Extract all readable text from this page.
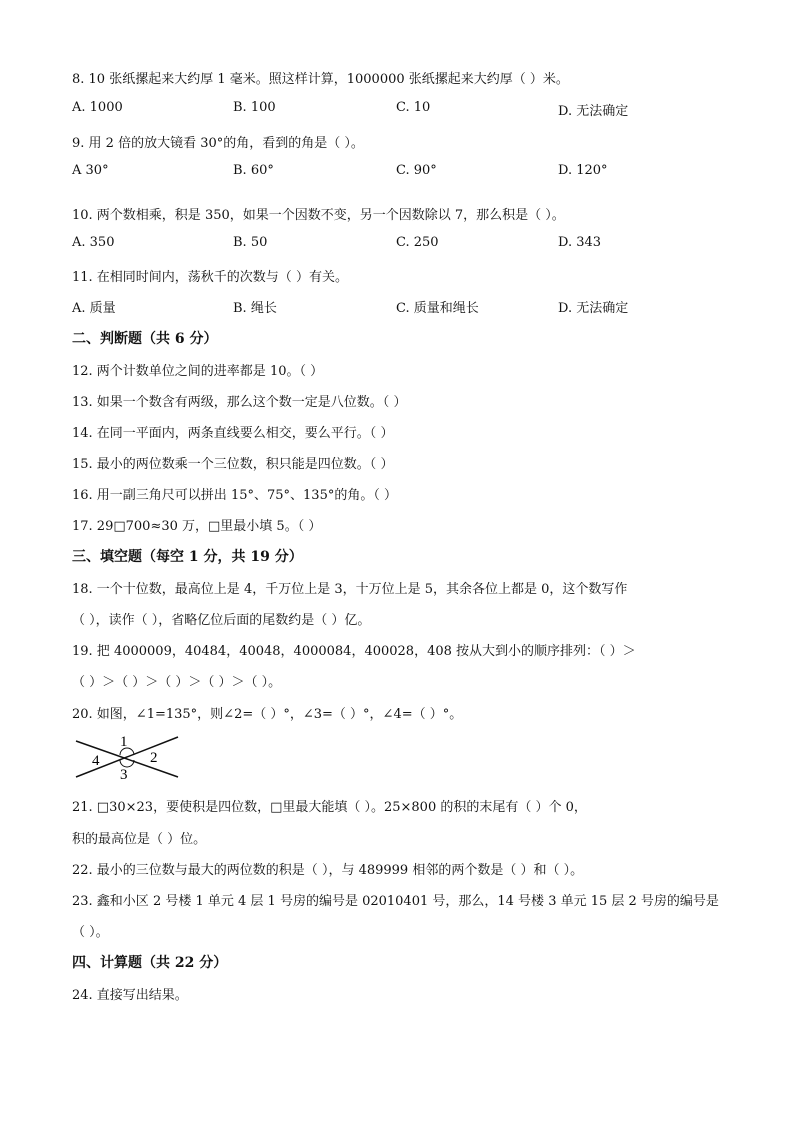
8. 10 张纸摞起来大约厚 1 毫米。照这样计算，1000000 张纸摞起来大约厚（ ）米。
A. 1000	B. 100	C. 10	D. 无法确定
9. 用 2 倍的放大镜看 30°的角，看到的角是（ ）。
A 30°	B. 60°	C. 90°	D. 120°
10. 两个数相乘，积是 350，如果一个因数不变，另一个因数除以 7，那么积是（ ）。
A. 350	B. 50	C. 250	D. 343
11. 在相同时间内，荡秋千的次数与（ ）有关。
A. 质量	B. 绳长	C. 质量和绳长	D. 无法确定
二、判断题（共 6 分）
12. 两个计数单位之间的进率都是 10。（ ）
13. 如果一个数含有两级，那么这个数一定是八位数。（ ）
14. 在同一平面内，两条直线要么相交，要么平行。（ ）
15. 最小的两位数乘一个三位数，积只能是四位数。（ ）
16. 用一副三角尺可以拼出 15°、75°、135°的角。（ ）
17. 29□700≈30 万，□里最小填 5。（ ）
三、填空题（每空 1 分，共 19 分）
18. 一个十位数，最高位上是 4，千万位上是 3，十万位上是 5，其余各位上都是 0，这个数写作
（ ），读作（ ），省略亿位后面的尾数约是（ ）亿。
19. 把 4000009，40484，40048，4000084，400028，408 按从大到小的顺序排列：（ ）＞
（ ）＞（ ）＞（ ）＞（ ）＞（ ）。
20. 如图，∠1=135°，则∠2=（ ）°，∠3=（ ）°，∠4=（ ）°。
1
2
3
4
21. □30×23，要使积是四位数，□里最大能填（ ）。25×800 的积的末尾有（ ）个 0，
积的最高位是（ ）位。
22. 最小的三位数与最大的两位数的积是（ ），与 489999 相邻的两个数是（ ）和（ ）。
23. 鑫和小区 2 号楼 1 单元 4 层 1 号房的编号是 02010401 号，那么，14 号楼 3 单元 15 层 2 号房的编号是
（ ）。
四、计算题（共 22 分）
24. 直接写出结果。
